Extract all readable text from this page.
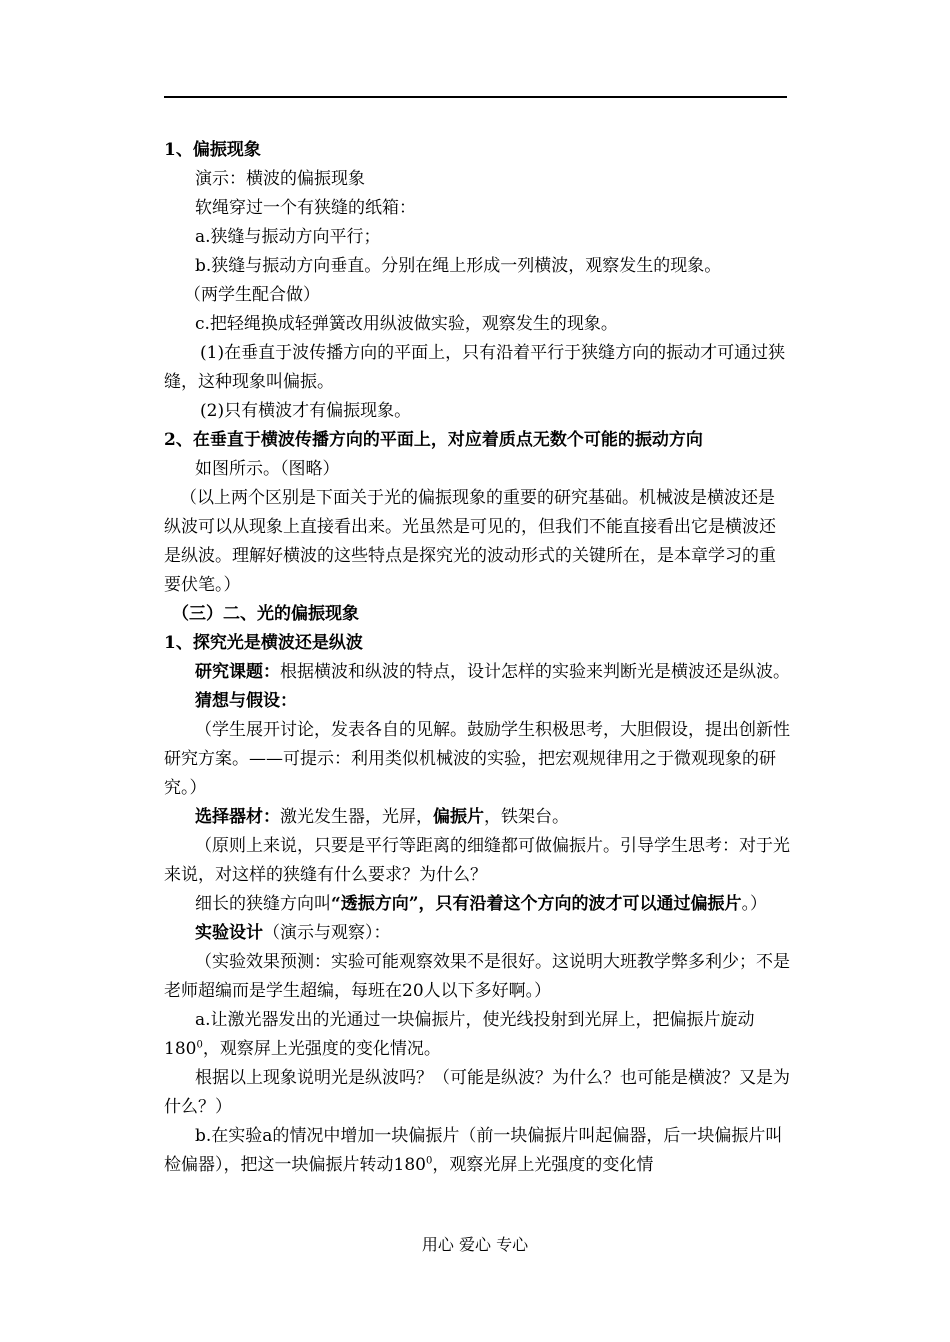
1、偏振现象

演示：横波的偏振现象

软绳穿过一个有狭缝的纸箱：

a.狭缝与振动方向平行；

b.狭缝与振动方向垂直。分别在绳上形成一列横波，观察发生的现象。

（两学生配合做）

c.把轻绳换成轻弹簧改用纵波做实验，观察发生的现象。

(1)在垂直于波传播方向的平面上，只有沿着平行于狭缝方向的振动才可通过狭缝，这种现象叫偏振。

(2)只有横波才有偏振现象。

2、在垂直于横波传播方向的平面上，对应着质点无数个可能的振动方向

如图所示。（图略）

（以上两个区别是下面关于光的偏振现象的重要的研究基础。机械波是横波还是纵波可以从现象上直接看出来。光虽然是可见的，但我们不能直接看出它是横波还是纵波。理解好横波的这些特点是探究光的波动形式的关键所在，是本章学习的重要伏笔。）

（三）二、光的偏振现象

1、探究光是横波还是纵波

研究课题：根据横波和纵波的特点，设计怎样的实验来判断光是横波还是纵波。

猜想与假设：

（学生展开讨论，发表各自的见解。鼓励学生积极思考，大胆假设，提出创新性研究方案。——可提示：利用类似机械波的实验，把宏观规律用之于微观现象的研究。）

选择器材：激光发生器，光屏，偏振片，铁架台。

（原则上来说，只要是平行等距离的细缝都可做偏振片。引导学生思考：对于光来说，对这样的狭缝有什么要求？为什么？

细长的狭缝方向叫“透振方向”，只有沿着这个方向的波才可以通过偏振片。）

实验设计（演示与观察）：

（实验效果预测：实验可能观察效果不是很好。这说明大班教学弊多利少；不是老师超编而是学生超编，每班在20人以下多好啊。）

a.让激光器发出的光通过一块偏振片，使光线投射到光屏上，把偏振片旋动$180^0$，观察屏上光强度的变化情况。

根据以上现象说明光是纵波吗？（可能是纵波？为什么？也可能是横波？又是为什么？）

b.在实验a的情况中增加一块偏振片（前一块偏振片叫起偏器，后一块偏振片叫检偏器），把这一块偏振片转动$180^0$，观察光屏上光强度的变化情

用心 爱心 专心
